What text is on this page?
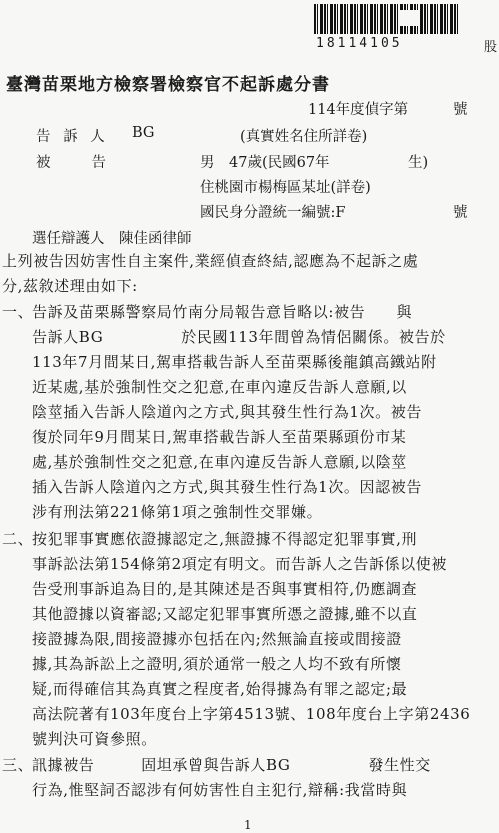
18114105	股
臺灣苗栗地方檢察署檢察官不起訴處分書
114年度偵字第	號
告 訴 人 BG	(真實姓名住所詳卷)
被　　告	男　47歲(民國67年	生)
住桃園市楊梅區某址(詳卷)
國民身分證統一編號:F	號
選任辯護人　陳佳函律師
上列被告因妨害性自主案件,業經偵查終結,認應為不起訴之處
分,茲敘述理由如下:
一、
告訴及苗栗縣警察局竹南分局報告意旨略以:被告　　與
告訴人BG　　　　　於民國113年間曾為情侶關係。被告於
113年7月間某日,駕車搭載告訴人至苗栗縣後龍鎮高鐵站附
近某處,基於強制性交之犯意,在車內違反告訴人意願,以
陰莖插入告訴人陰道內之方式,與其發生性行為1次。被告
復於同年9月間某日,駕車搭載告訴人至苗栗縣頭份市某
處,基於強制性交之犯意,在車內違反告訴人意願,以陰莖
插入告訴人陰道內之方式,與其發生性行為1次。因認被告
涉有刑法第221條第1項之強制性交罪嫌。
二、
按犯罪事實應依證據認定之,無證據不得認定犯罪事實,刑
事訴訟法第154條第2項定有明文。而告訴人之告訴係以使被
告受刑事訴追為目的,是其陳述是否與事實相符,仍應調查
其他證據以資審認;又認定犯罪事實所憑之證據,雖不以直
接證據為限,間接證據亦包括在內;然無論直接或間接證
據,其為訴訟上之證明,須於通常一般之人均不致有所懷
疑,而得確信其為真實之程度者,始得據為有罪之認定;最
高法院著有103年度台上字第4513號、108年度台上字第2436
號判決可資參照。
三、
訊據被告　　　固坦承曾與告訴人BG　　　　　發生性交
行為,惟堅詞否認涉有何妨害性自主犯行,辯稱:我當時與
1
